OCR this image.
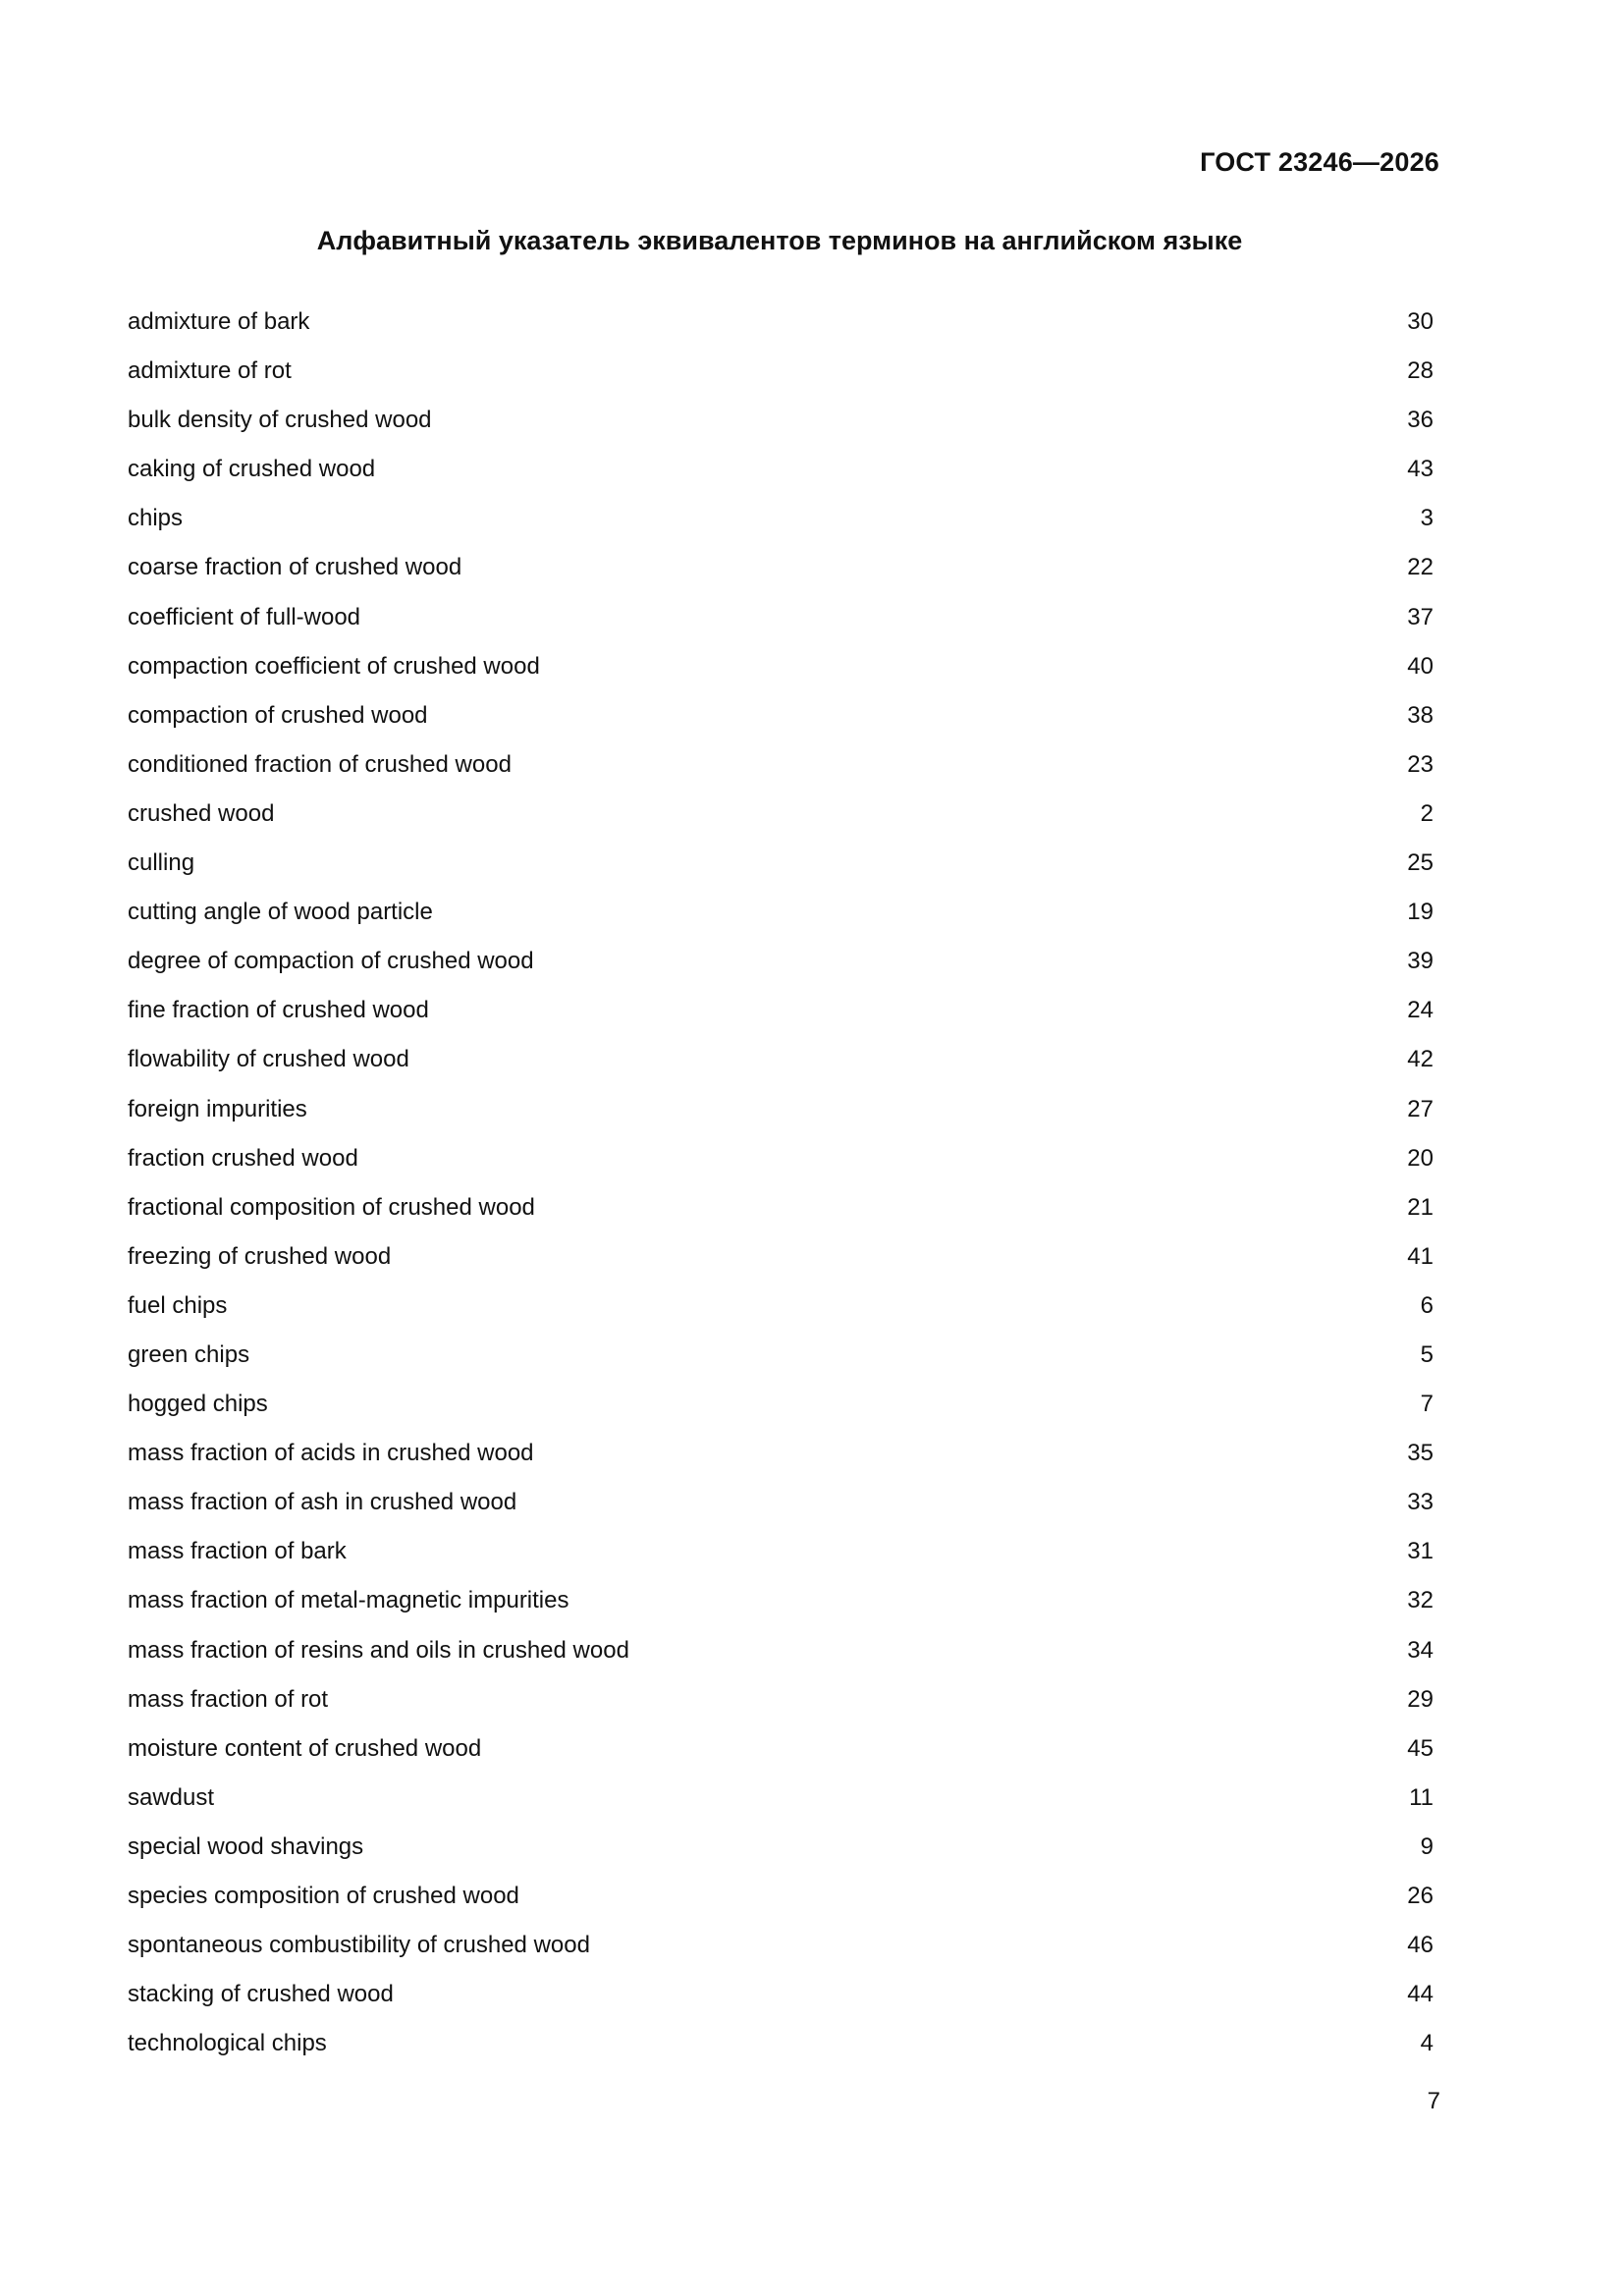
ГОСТ 23246—2026
Алфавитный указатель эквивалентов терминов на английском языке
admixture of bark	30
admixture of rot	28
bulk density of crushed wood	36
caking of crushed wood	43
chips	3
coarse fraction of crushed wood	22
coefficient of full-wood	37
compaction coefficient of crushed wood	40
compaction of crushed wood	38
conditioned fraction of crushed wood	23
crushed wood	2
culling	25
cutting angle of wood particle	19
degree of compaction of crushed wood	39
fine fraction of crushed wood	24
flowability of crushed wood	42
foreign impurities	27
fraction crushed wood	20
fractional composition of crushed wood	21
freezing of crushed wood	41
fuel chips	6
green chips	5
hogged chips	7
mass fraction of acids in crushed wood	35
mass fraction of ash in crushed wood	33
mass fraction of bark	31
mass fraction of metal-magnetic impurities	32
mass fraction of resins and oils in crushed wood	34
mass fraction of rot	29
moisture content of crushed wood	45
sawdust	11
special wood shavings	9
species composition of crushed wood	26
spontaneous combustibility of crushed wood	46
stacking of crushed wood	44
technological chips	4
7
